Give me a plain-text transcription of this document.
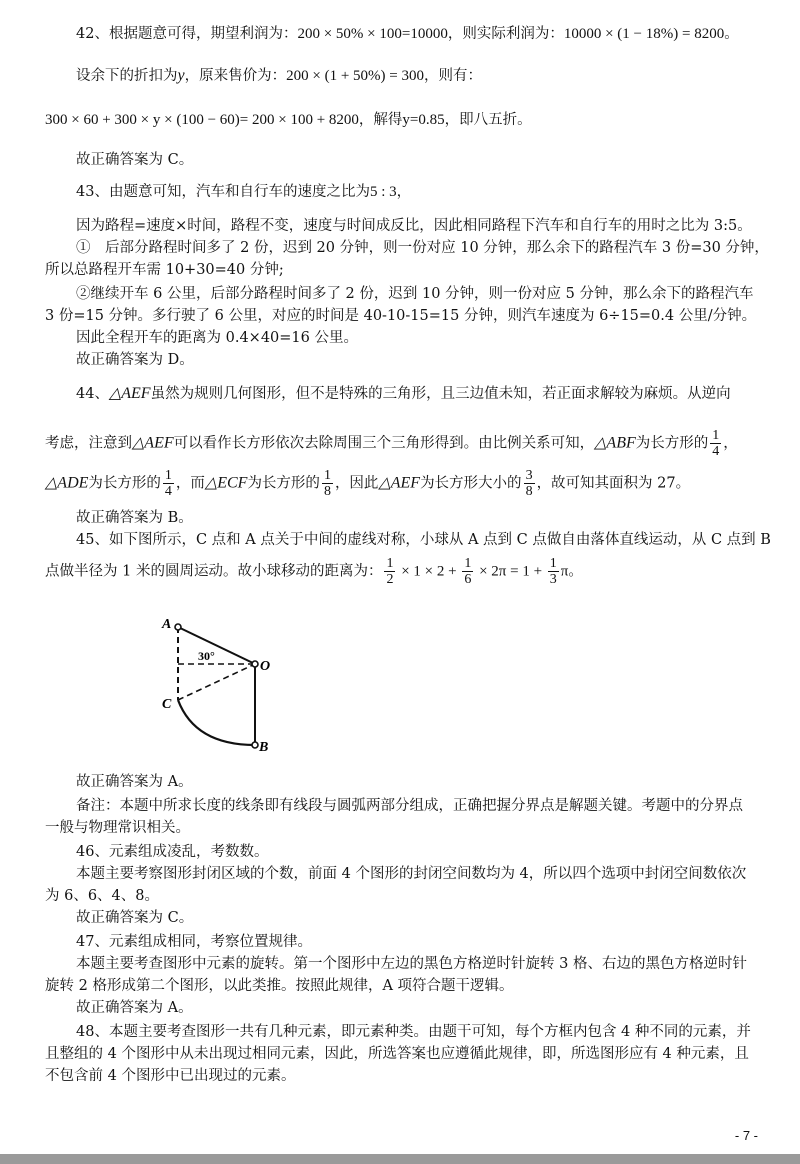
42、根据题意可得，期望利润为：200 × 50% × 100=10000，则实际利润为：10000 × (1 − 18%) = 8200。
设余下的折扣为y，原来售价为：200 × (1 + 50%) = 300，则有：
300 × 60 + 300 × y × (100 − 60)= 200 × 100 + 8200，解得y=0.85，即八五折。
故正确答案为 C。
43、由题意可知，汽车和自行车的速度之比为5 : 3，
因为路程=速度×时间，路程不变，速度与时间成反比，因此相同路程下汽车和自行车的用时之比为 3:5。
①　后部分路程时间多了 2 份，迟到 20 分钟，则一份对应 10 分钟，那么余下的路程汽车 3 份=30 分钟，
所以总路程开车需 10+30=40 分钟;
②继续开车 6 公里，后部分路程时间多了 2 份，迟到 10 分钟，则一份对应 5 分钟，那么余下的路程汽车
3 份=15 分钟。多行驶了 6 公里，对应的时间是 40-10-15=15 分钟，则汽车速度为 6÷15=0.4 公里/分钟。
因此全程开车的距离为 0.4×40=16 公里。
故正确答案为 D。
44、△AEF虽然为规则几何图形，但不是特殊的三角形，且三边值未知，若正面求解较为麻烦。从逆向
考虑，注意到△AEF可以看作长方形依次去除周围三个三角形得到。由比例关系可知，△ABF为长方形的 $\frac{1}{4}$ ，
△ADE为长方形的 $\frac{1}{4}$ ，而△ECF为长方形的 $\frac{1}{8}$ ，因此△AEF为长方形大小的 $\frac{3}{8}$ ，故可知其面积为 27。
故正确答案为 B。
45、如下图所示，C 点和 A 点关于中间的虚线对称，小球从 A 点到 C 点做自由落体直线运动，从 C 点到 B
点做半径为 1 米的圆周运动。故小球移动的距离为： $\frac{1}{2} \times 1 \times 2 + \frac{1}{6} \times 2\pi = 1 + \frac{1}{3}$ π。
A
O
C
B
30°
故正确答案为 A。
备注：本题中所求长度的线条即有线段与圆弧两部分组成，正确把握分界点是解题关键。考题中的分界点
一般与物理常识相关。
46、元素组成凌乱，考数数。
本题主要考察图形封闭区域的个数，前面 4 个图形的封闭空间数均为 4，所以四个选项中封闭空间数依次
为 6、6、4、8。
故正确答案为 C。
47、元素组成相同，考察位置规律。
本题主要考查图形中元素的旋转。第一个图形中左边的黑色方格逆时针旋转 3 格、右边的黑色方格逆时针
旋转 2 格形成第二个图形，以此类推。按照此规律，A 项符合题干逻辑。
故正确答案为 A。
48、本题主要考查图形一共有几种元素，即元素种类。由题干可知，每个方框内包含 4 种不同的元素，并
且整组的 4 个图形中从未出现过相同元素，因此，所选答案也应遵循此规律，即，所选图形应有 4 种元素，且
不包含前 4 个图形中已出现过的元素。
- 7 -
